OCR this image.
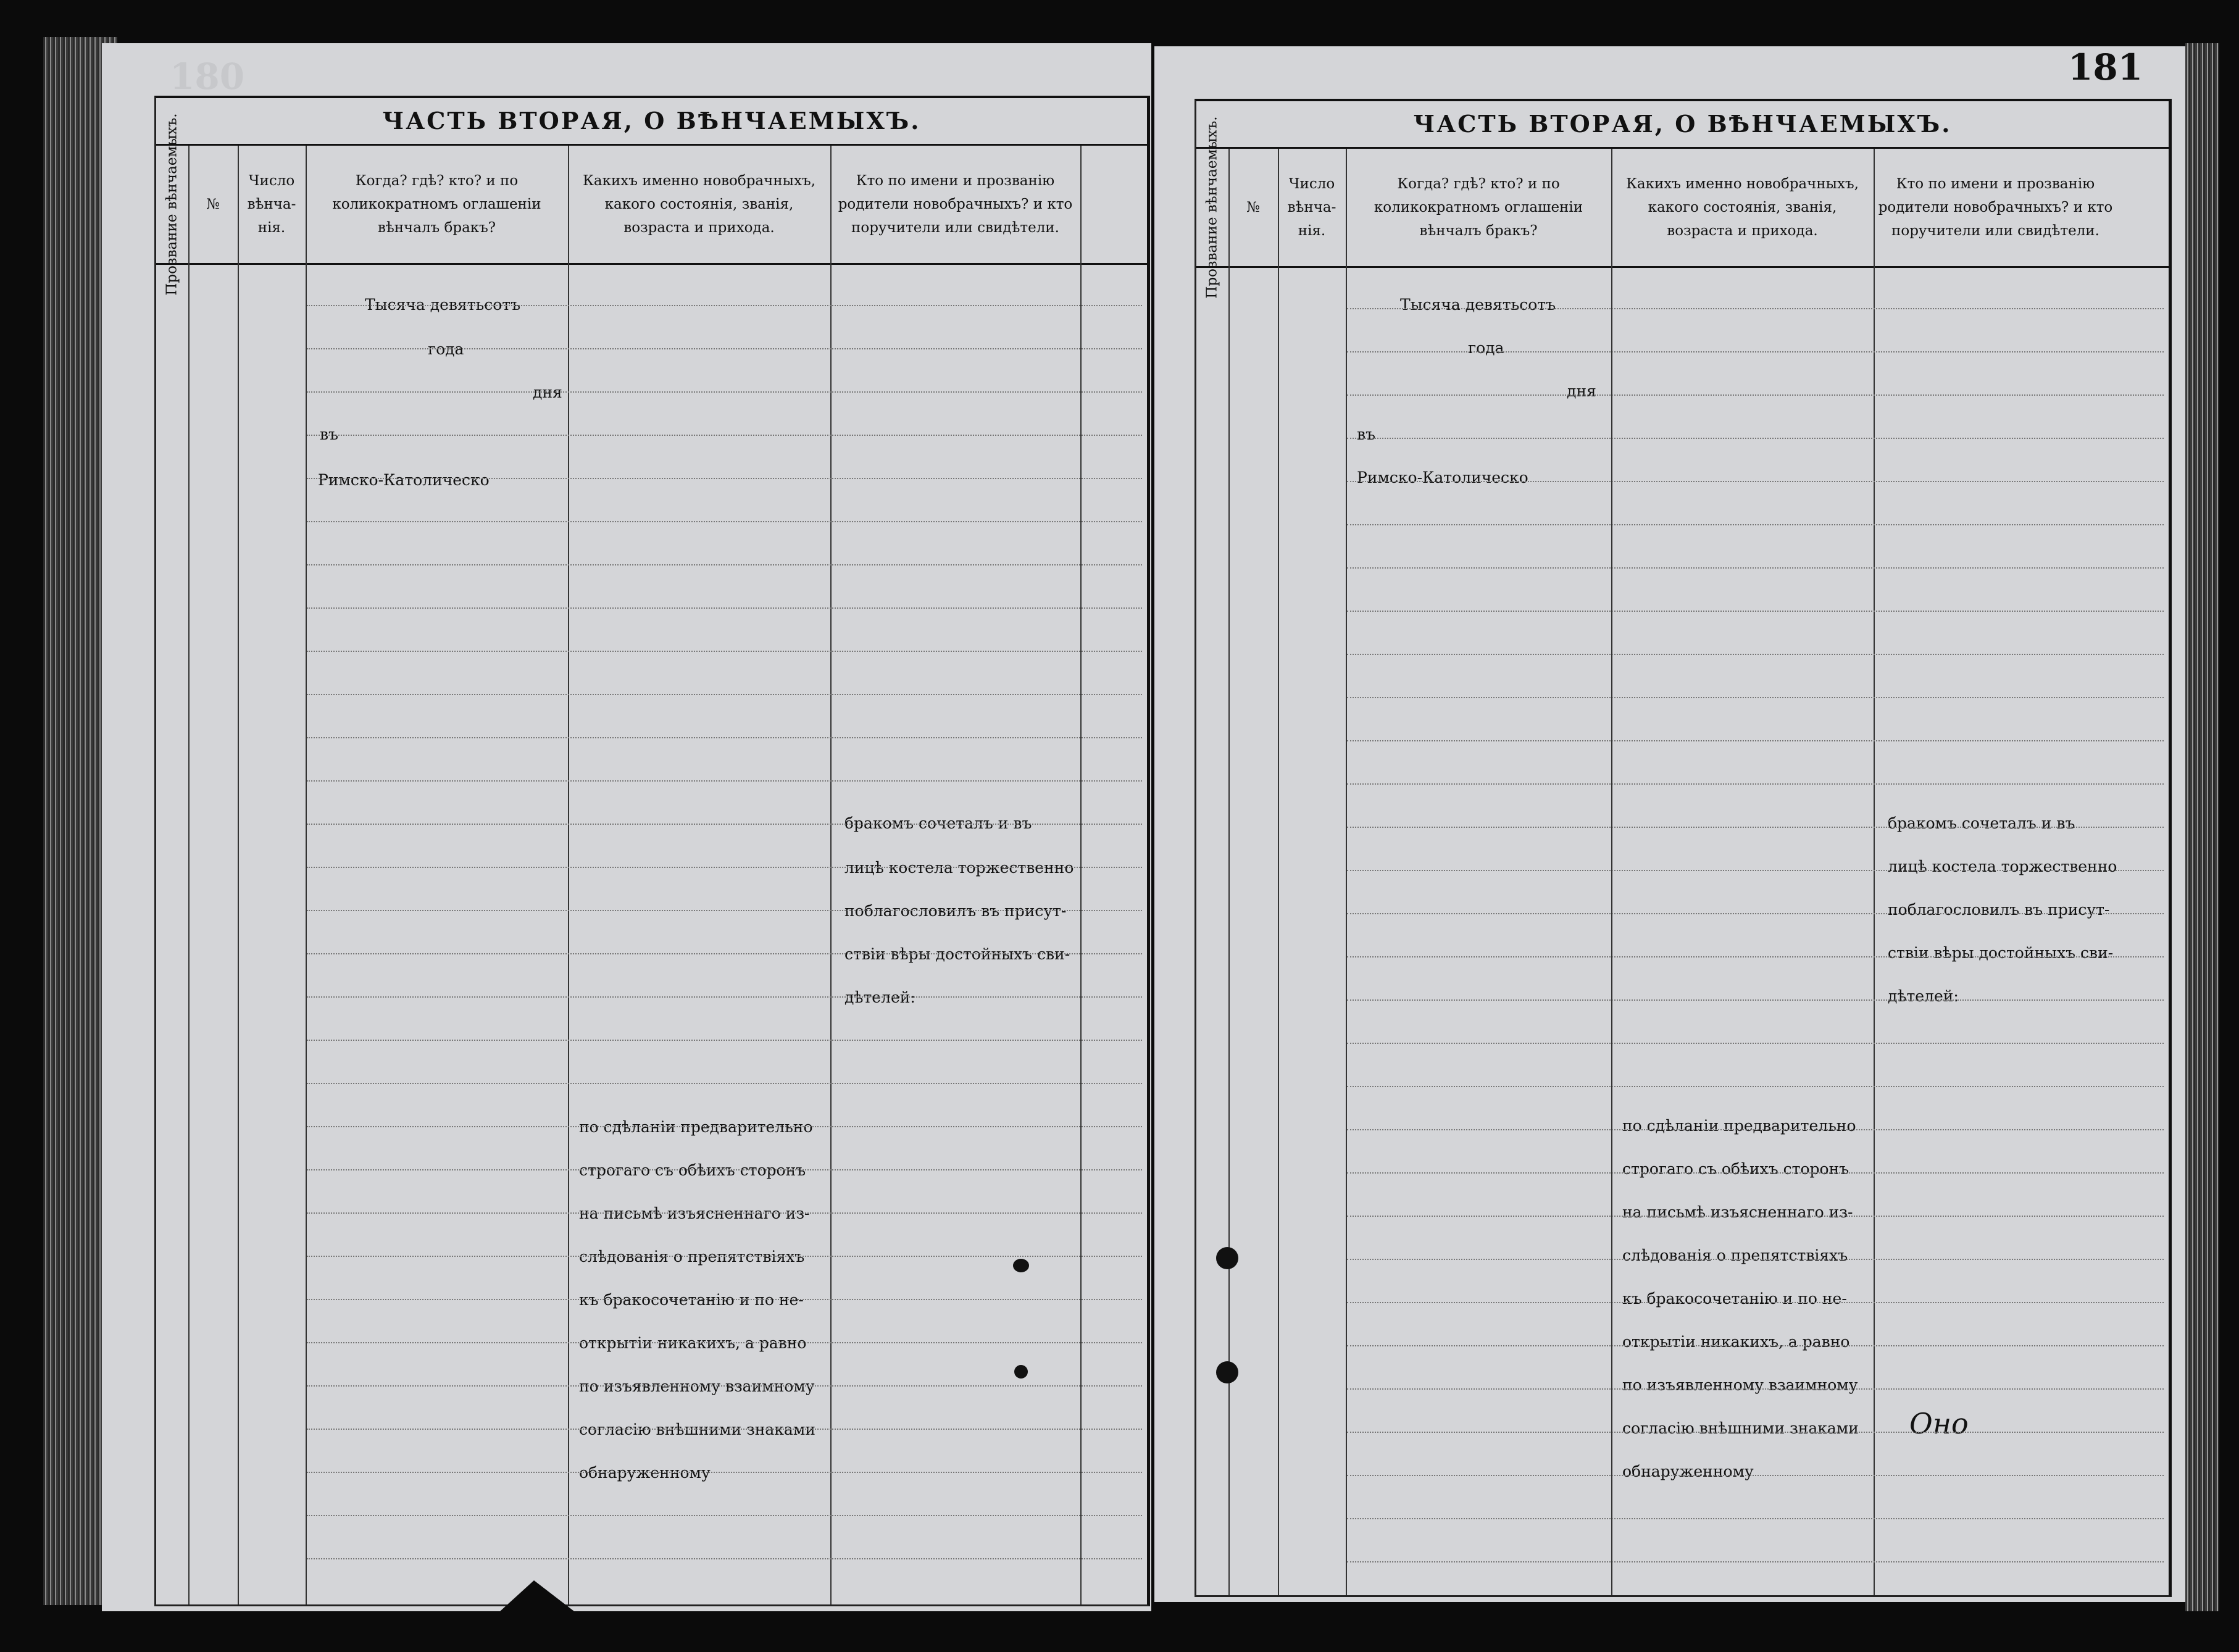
180
ЧАСТЬ ВТОРАЯ, О ВѢНЧАЕМЫХЪ.
Прозвание вѣнчаемыхъ.	№
Число вѣнча-нія.
Когда? гдѣ? кто? и по коликократномъ оглашеніи вѣнчалъ бракъ?
Какихъ именно новобрачныхъ, какого состоянія, званія, возраста и прихода.
Кто по имени и прозванію родители новобрачныхъ? и кто поручители или свидѣтели.
Тысяча девятьсотъ
года
дня
въ
Римско-Католическо
бракомъ сочеталъ и въ
лицѣ костела торжественно
поблагословилъ въ присут-
ствіи вѣры достойныхъ сви-
дѣтелей:
по сдѣланіи предварительно
строгаго съ обѣихъ сторонъ
на письмѣ изъясненнаго из-
слѣдованія о препятствіяхъ
къ бракосочетанію и по не-
открытіи никакихъ, а равно
по изъявленному взаимному
согласію внѣшними знаками
обнаруженному
181
ЧАСТЬ ВТОРАЯ, О ВѢНЧАЕМЫХЪ.
Прозвание вѣнчаемыхъ.	№
Число вѣнча-нія.
Когда? гдѣ? кто? и по коликократномъ оглашеніи вѣнчалъ бракъ?
Какихъ именно новобрачныхъ, какого состоянія, званія, возраста и прихода.
Кто по имени и прозванію родители новобрачныхъ? и кто поручители или свидѣтели.
Тысяча девятьсотъ
года
дня
въ
Римско-Католическо
бракомъ сочеталъ и въ
лицѣ костела торжественно
поблагословилъ въ присут-
ствіи вѣры достойныхъ сви-
дѣтелей:
по сдѣланіи предварительно
строгаго съ обѣихъ сторонъ
на письмѣ изъясненнаго из-
слѣдованія о препятствіяхъ
къ бракосочетанію и по не-
открытіи никакихъ, а равно
по изъявленному взаимному
согласію внѣшними знаками
обнаруженному
Оно
